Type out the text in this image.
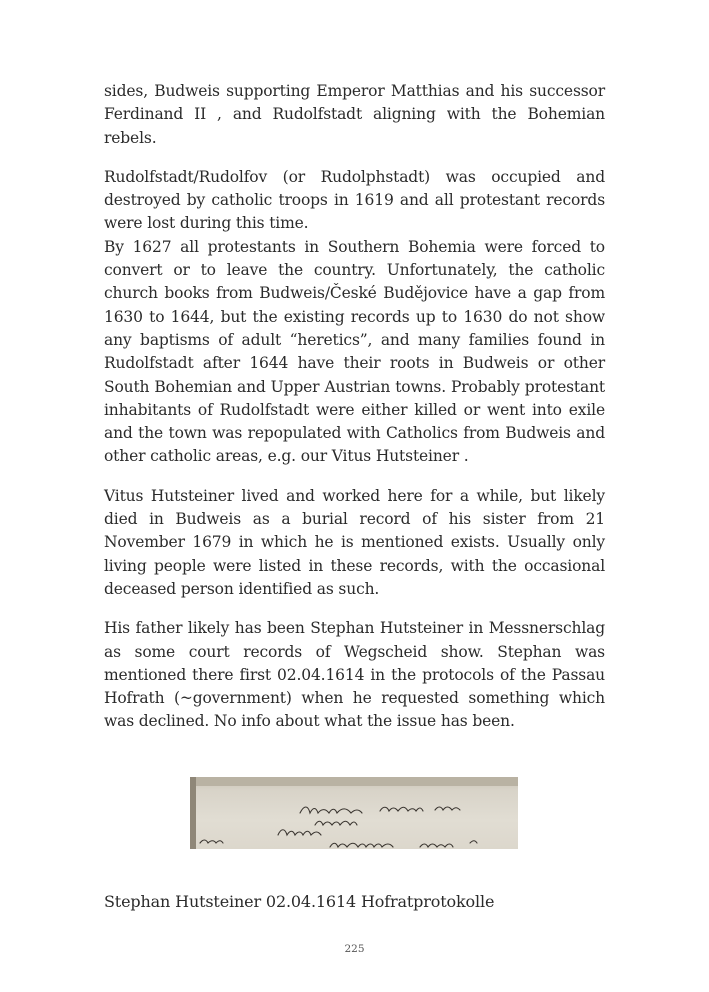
sides, Budweis supporting Emperor Matthias and his successor Ferdinand II , and Rudolfstadt aligning with the Bohemian rebels.

Rudolfstadt/Rudolfov (or Rudolphstadt) was occupied and destroyed by catholic troops in 1619 and all protestant records were lost during this time.

By 1627 all protestants in Southern Bohemia were forced to convert or to leave the country. Unfortunately, the catholic church books from Budweis/České Budějovice have a gap from 1630 to 1644, but the existing records up to 1630 do not show any baptisms of adult “heretics”, and many families found in Rudolfstadt after 1644 have their roots in Budweis or other South Bohemian and Upper Austrian towns. Probably protestant inhabitants of Rudolfstadt were either killed or went into exile and the town was repopulated with Catholics from Budweis and other catholic areas, e.g. our Vitus Hutsteiner .

Vitus Hutsteiner lived and worked here for a while, but likely died in Budweis as a burial record of his sister from 21 November 1679 in which he is mentioned exists. Usually only living people were listed in these records, with the occasional deceased person identified as such.

His father likely has been Stephan Hutsteiner in Messnerschlag as some court records of Wegscheid show. Stephan was mentioned there first 02.04.1614 in the protocols of the Passau Hofrath (~government) when he requested something which was declined. No info about what the issue has been.

Stephan Hutsteiner 02.04.1614 Hofratprotokolle
225
